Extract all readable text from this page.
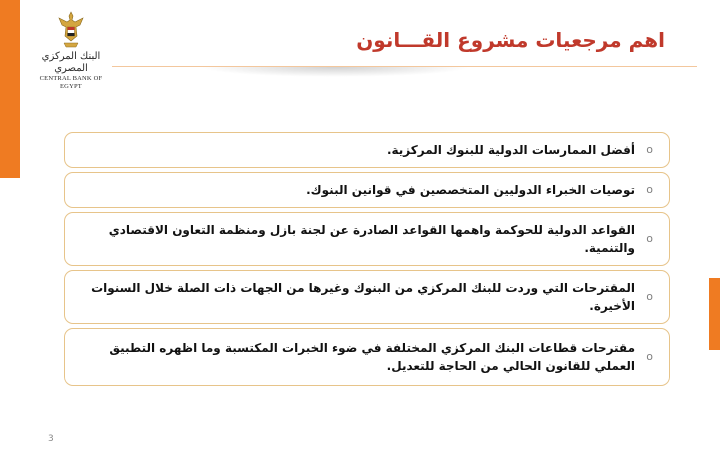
البنك المركزي المصري
CENTRAL BANK OF EGYPT
اهم مرجعيات مشروع القـــانون
o
أفضل الممارسات الدولية للبنوك المركزية.
o
توصيات الخبراء الدوليين المتخصصين في قوانين البنوك.
o
القواعد الدولية للحوكمة واهمها القواعد الصادرة عن لجنة بازل ومنظمة التعاون الاقتصادي والتنمية.
o
المقترحات التي وردت للبنك المركزي من البنوك وغيرها من الجهات ذات الصلة خلال السنوات الأخيرة.
o
مقترحات قطاعات البنك المركزي المختلفة في ضوء الخبرات المكتسبة وما اظهره التطبيق العملي للقانون الحالي من الحاجة للتعديل.
3
